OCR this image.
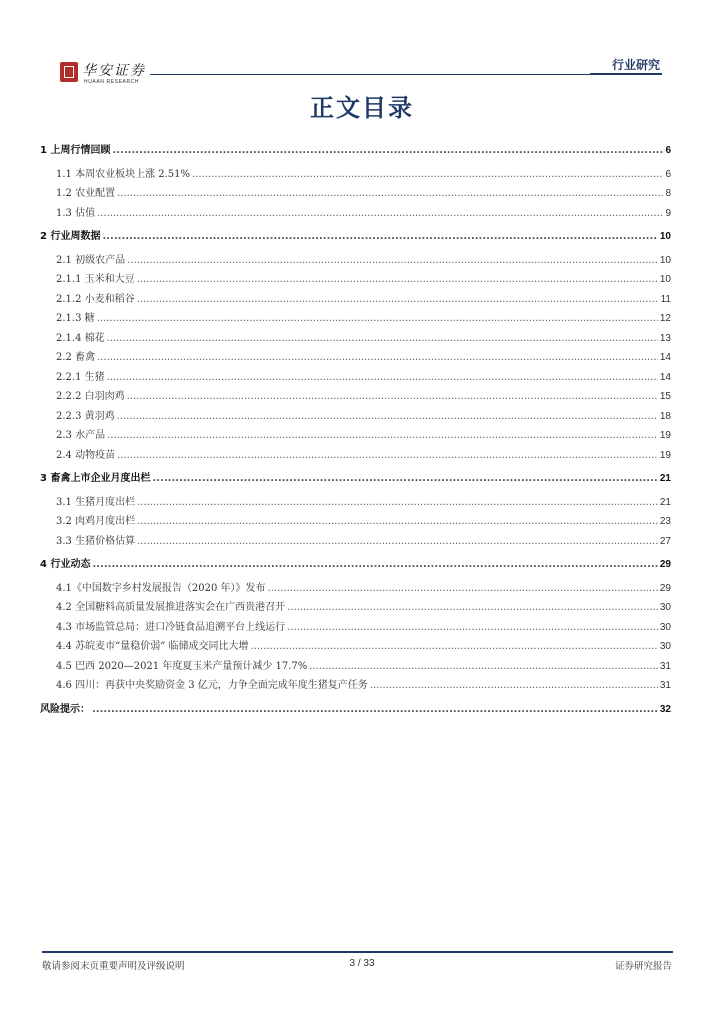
华安证券
HUAAN RESEARCH
行业研究
正文目录
1 上周行情回顾 .....	6
1.1 本周农业板块上涨 2.51% .....	6
1.2 农业配置 .....	8
1.3 估值 .....	9
2 行业周数据 .....	10
2.1 初级农产品 .....	10
2.1.1 玉米和大豆 .....	10
2.1.2 小麦和稻谷 .....	11
2.1.3 糖 .....	12
2.1.4 棉花 .....	13
2.2 畜禽 .....	14
2.2.1 生猪 .....	14
2.2.2 白羽肉鸡 .....	15
2.2.3 黄羽鸡 .....	18
2.3 水产品 .....	19
2.4 动物疫苗 .....	19
3 畜禽上市企业月度出栏 .....	21
3.1 生猪月度出栏 .....	21
3.2 肉鸡月度出栏 .....	23
3.3 生猪价格估算 .....	27
4 行业动态 .....	29
4.1《中国数字乡村发展报告（2020 年）》发布 .....	29
4.2 全国糖料高质量发展推进落实会在广西贵港召开 .....	30
4.3 市场监管总局：进口冷链食品追溯平台上线运行 .....	30
4.4 苏皖麦市“量稳价弱” 临储成交同比大增 .....	30
4.5 巴西 2020—2021 年度夏玉米产量预计减少 17.7% .....	31
4.6 四川：再获中央奖励资金 3 亿元，力争全面完成年度生猪复产任务 .....	31
风险提示： .....	32
敬请参阅末页重要声明及评级说明	3 / 33	证券研究报告
